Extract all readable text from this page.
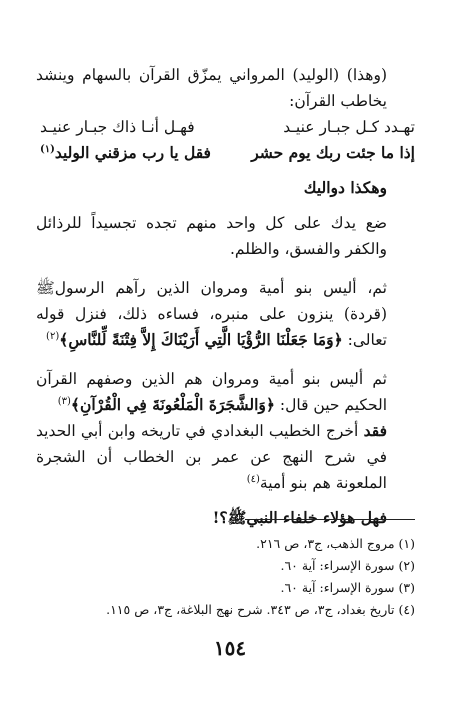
(وهذا) (الوليد) المرواني يمزّق القرآن بالسهام وينشد يخاطب القرآن:

تهـدد كـل جبـار عنيـد
فهـل أنـا ذاك جبـار عنيـد
إذا ما جئت ربك يوم حشر
فقل يا رب مزقني الوليد$^{(١)}$

وهكذا دواليك

ضع يدك على كل واحد منهم تجده تجسيداً للرذائل والكفر والفسق، والظلم.

ثم، أليس بنو أمية ومروان الذين رآهم الرسولﷺ (قردة) ينزون على منبره، فساءه ذلك، فنزل قوله تعالى: ﴿وَمَا جَعَلْنَا الرُّؤْيَا الَّتِي أَرَيْنَاكَ إِلاَّ فِتْنَةً لِّلنَّاسِ﴾$^{(٢)}$

ثم أليس بنو أمية ومروان هم الذين وصفهم القرآن الحكيم حين قال: ﴿وَالشَّجَرَةَ الْمَلْعُونَةَ فِي الْقُرْآنِ﴾$^{(٣)}$

فقد أخرج الخطيب البغدادي في تاريخه وابن أبي الحديد في شرح النهج عن عمر بن الخطاب أن الشجرة الملعونة هم بنو أمية$^{(٤)}$

فهل هؤلاء خلفاء النبيﷺ؟!

(١) مروج الذهب، ج٣، ص ٢١٦.

(٢) سورة الإسراء: آية ٦٠.

(٣) سورة الإسراء: آية ٦٠.

(٤) تاريخ بغداد، ج٣، ص ٣٤٣. شرح نهج البلاغة، ج٣، ص ١١٥.

١٥٤
